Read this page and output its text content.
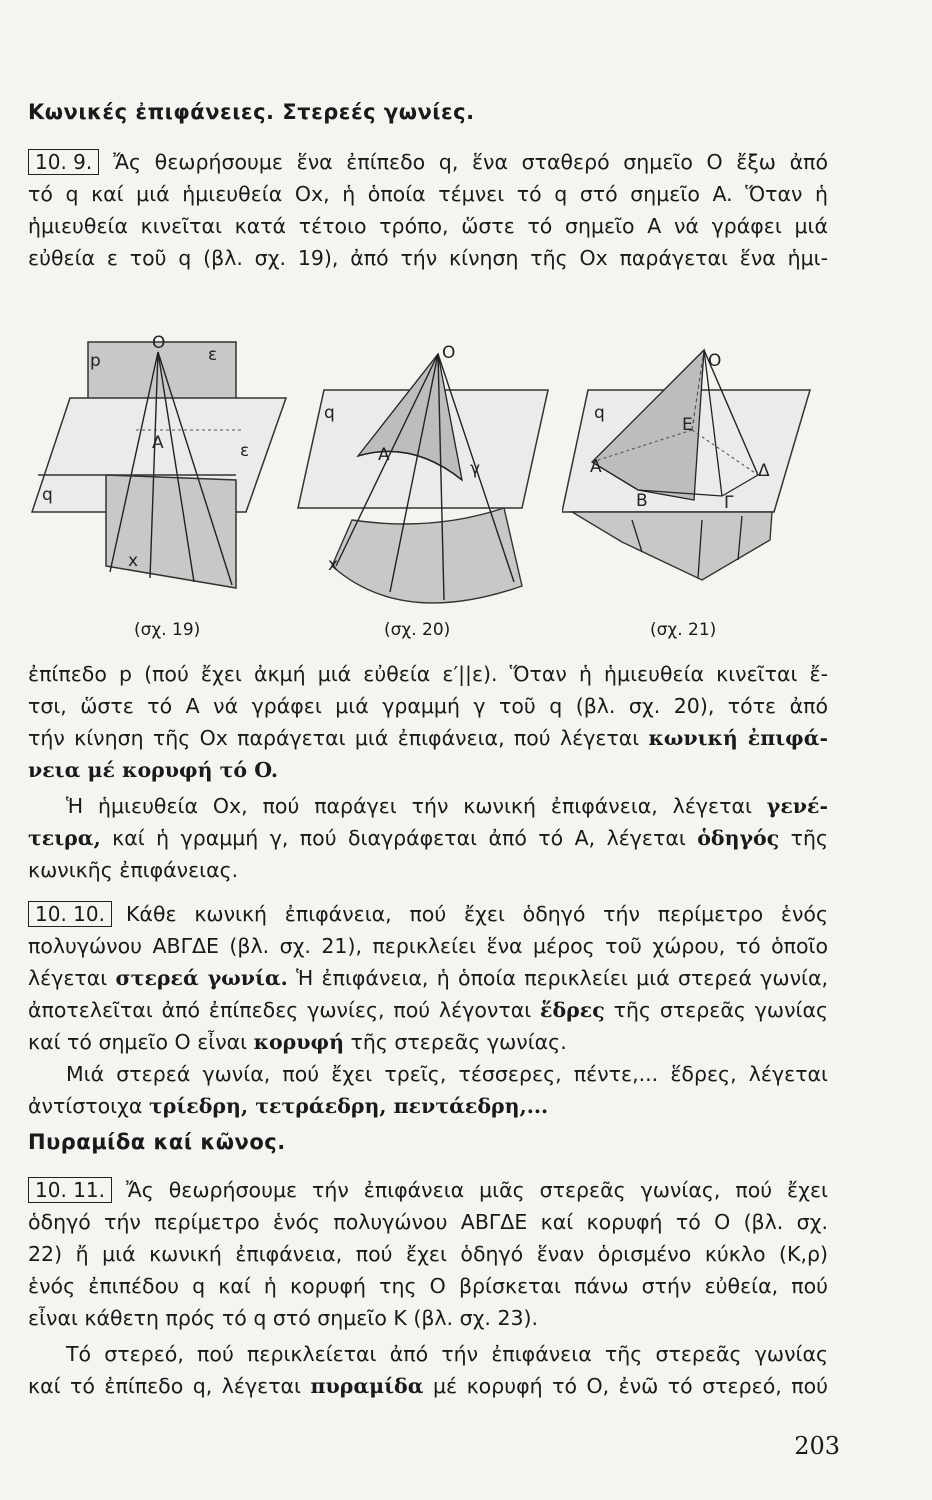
Κωνικές ἐπιφάνειες. Στερεές γωνίες.
10. 9. Ἄς θεωρήσουμε ἕνα ἐπίπεδο q, ἕνα σταθερό σημεῖο O ἔξω ἀπό
τό q καί μιά ἡμιευθεία Ox, ἡ ὁποία τέμνει τό q στό σημεῖο A. Ὅταν ἡ
ἡμιευθεία κινεῖται κατά τέτοιο τρόπο, ὥστε τό σημεῖο A νά γράφει μιά
εὐθεία ε τοῦ q (βλ. σχ. 19), ἀπό τήν κίνηση τῆς Ox παράγεται ἕνα ἡμι-
p
O
ε
A	ε
q
x
(σχ. 19)
O
q
A
γ
x
(σχ. 20)
O
q
E
A	Δ
B	Γ
(σχ. 21)
ἐπίπεδο p (πού ἔχει ἀκμή μιά εὐθεία ε′||ε). Ὅταν ἡ ἡμιευθεία κινεῖται ἔ-
τσι, ὥστε τό A νά γράφει μιά γραμμή γ τοῦ q (βλ. σχ. 20), τότε ἀπό
τήν κίνηση τῆς Ox παράγεται μιά ἐπιφάνεια, πού λέγεται κωνική ἐπιφά-
νεια μέ κορυφή τό O.
Ἡ ἡμιευθεία Ox, πού παράγει τήν κωνική ἐπιφάνεια, λέγεται γενέ-
τειρα, καί ἡ γραμμή γ, πού διαγράφεται ἀπό τό A, λέγεται ὁδηγός τῆς
κωνικῆς ἐπιφάνειας.
10. 10. Κάθε κωνική ἐπιφάνεια, πού ἔχει ὁδηγό τήν περίμετρο ἑνός
πολυγώνου ΑΒΓΔΕ (βλ. σχ. 21), περικλείει ἕνα μέρος τοῦ χώρου, τό ὁποῖο
λέγεται στερεά γωνία. Ἡ ἐπιφάνεια, ἡ ὁποία περικλείει μιά στερεά γωνία,
ἀποτελεῖται ἀπό ἐπίπεδες γωνίες, πού λέγονται ἕδρες τῆς στερεᾶς γωνίας
καί τό σημεῖο O εἶναι κορυφή τῆς στερεᾶς γωνίας.
Μιά στερεά γωνία, πού ἔχει τρεῖς, τέσσερες, πέντε,... ἕδρες, λέγεται
ἀντίστοιχα τρίεδρη, τετράεδρη, πεντάεδρη,...
Πυραμίδα καί κῶνος.
10. 11. Ἄς θεωρήσουμε τήν ἐπιφάνεια μιᾶς στερεᾶς γωνίας, πού ἔχει
ὁδηγό τήν περίμετρο ἑνός πολυγώνου ΑΒΓΔΕ καί κορυφή τό O (βλ. σχ.
22) ἤ μιά κωνική ἐπιφάνεια, πού ἔχει ὁδηγό ἕναν ὁρισμένο κύκλο (K,ρ)
ἑνός ἐπιπέδου q καί ἡ κορυφή της O βρίσκεται πάνω στήν εὐθεία, πού
εἶναι κάθετη πρός τό q στό σημεῖο K (βλ. σχ. 23).
Τό στερεό, πού περικλείεται ἀπό τήν ἐπιφάνεια τῆς στερεᾶς γωνίας
καί τό ἐπίπεδο q, λέγεται πυραμίδα μέ κορυφή τό O, ἐνῶ τό στερεό, πού
203
